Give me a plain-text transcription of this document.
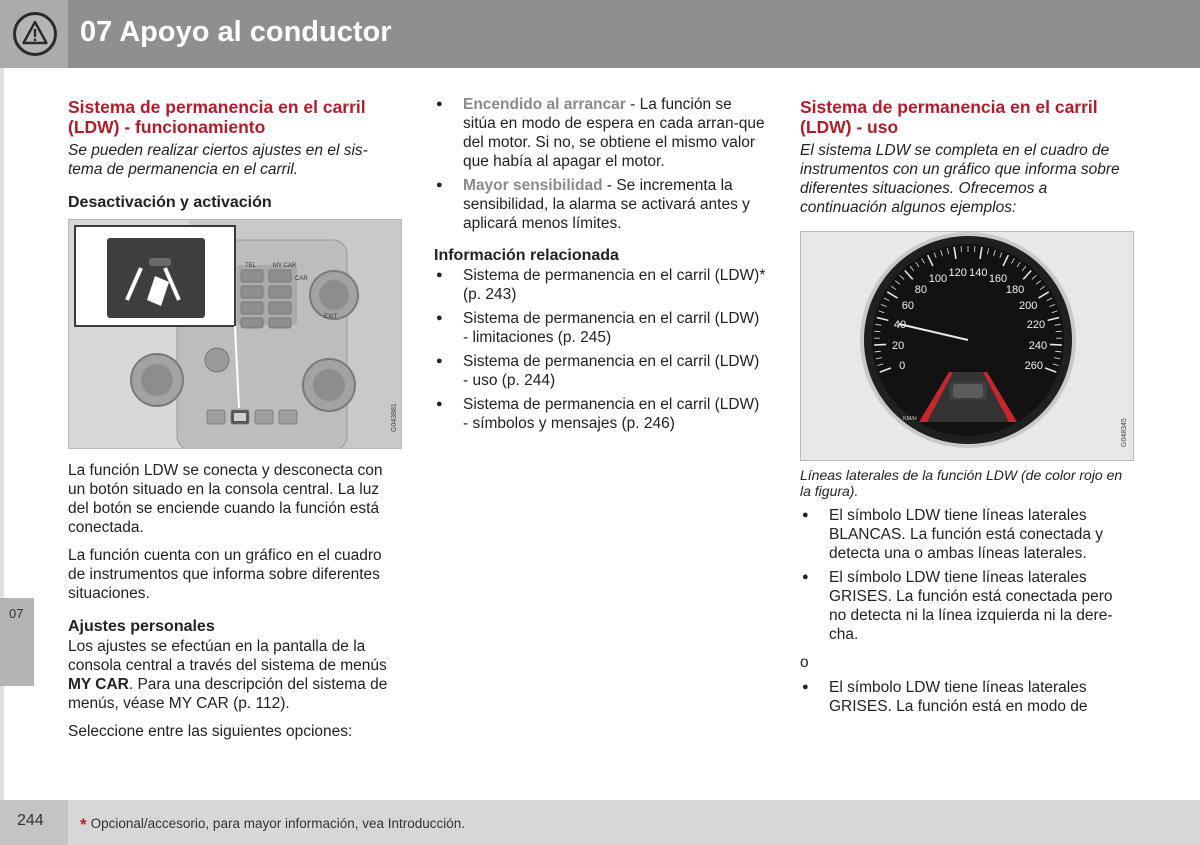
07 Apoyo al conductor
07
Sistema de permanencia en el carril (LDW) - funcionamiento

Se pueden realizar ciertos ajustes en el sis-tema de permanencia en el carril.

Desactivación y activación
TEL	MY CAR
CAR
EXIT
G043881

La función LDW se conecta y desconecta con un botón situado en la consola central. La luz del botón se enciende cuando la función está conectada.

La función cuenta con un gráfico en el cuadro de instrumentos que informa sobre diferentes situaciones.

Ajustes personales

Los ajustes se efectúan en la pantalla de la consola central a través del sistema de menús MY CAR. Para una descripción del sistema de menús, véase MY CAR (p. 112).

Seleccione entre las siguientes opciones:

● Encendido al arrancar - La función se sitúa en modo de espera en cada arran-que del motor. Si no, se obtiene el mismo valor que había al apagar el motor.
● Mayor sensibilidad - Se incrementa la sensibilidad, la alarma se activará antes y aplicará menos límites.
Información relacionada
● Sistema de permanencia en el carril (LDW)* (p. 243)
● Sistema de permanencia en el carril (LDW) - limitaciones (p. 245)
● Sistema de permanencia en el carril (LDW) - uso (p. 244)
● Sistema de permanencia en el carril (LDW) - símbolos y mensajes (p. 246)
Sistema de permanencia en el carril (LDW) - uso

El sistema LDW se completa en el cuadro de instrumentos con un gráfico que informa sobre diferentes situaciones. Ofrecemos a continuación algunos ejemplos:

0
20
40
60
80
100 120 140 160
180
200
220
240
260
KM/H	G048345

Líneas laterales de la función LDW (de color rojo en la figura).

● El símbolo LDW tiene líneas laterales BLANCAS. La función está conectada y detecta una o ambas líneas laterales.
● El símbolo LDW tiene líneas laterales GRISES. La función está conectada pero no detecta ni la línea izquierda ni la dere-cha.

o

● El símbolo LDW tiene líneas laterales GRISES. La función está en modo de
244 * Opcional/accesorio, para mayor información, vea Introducción.
